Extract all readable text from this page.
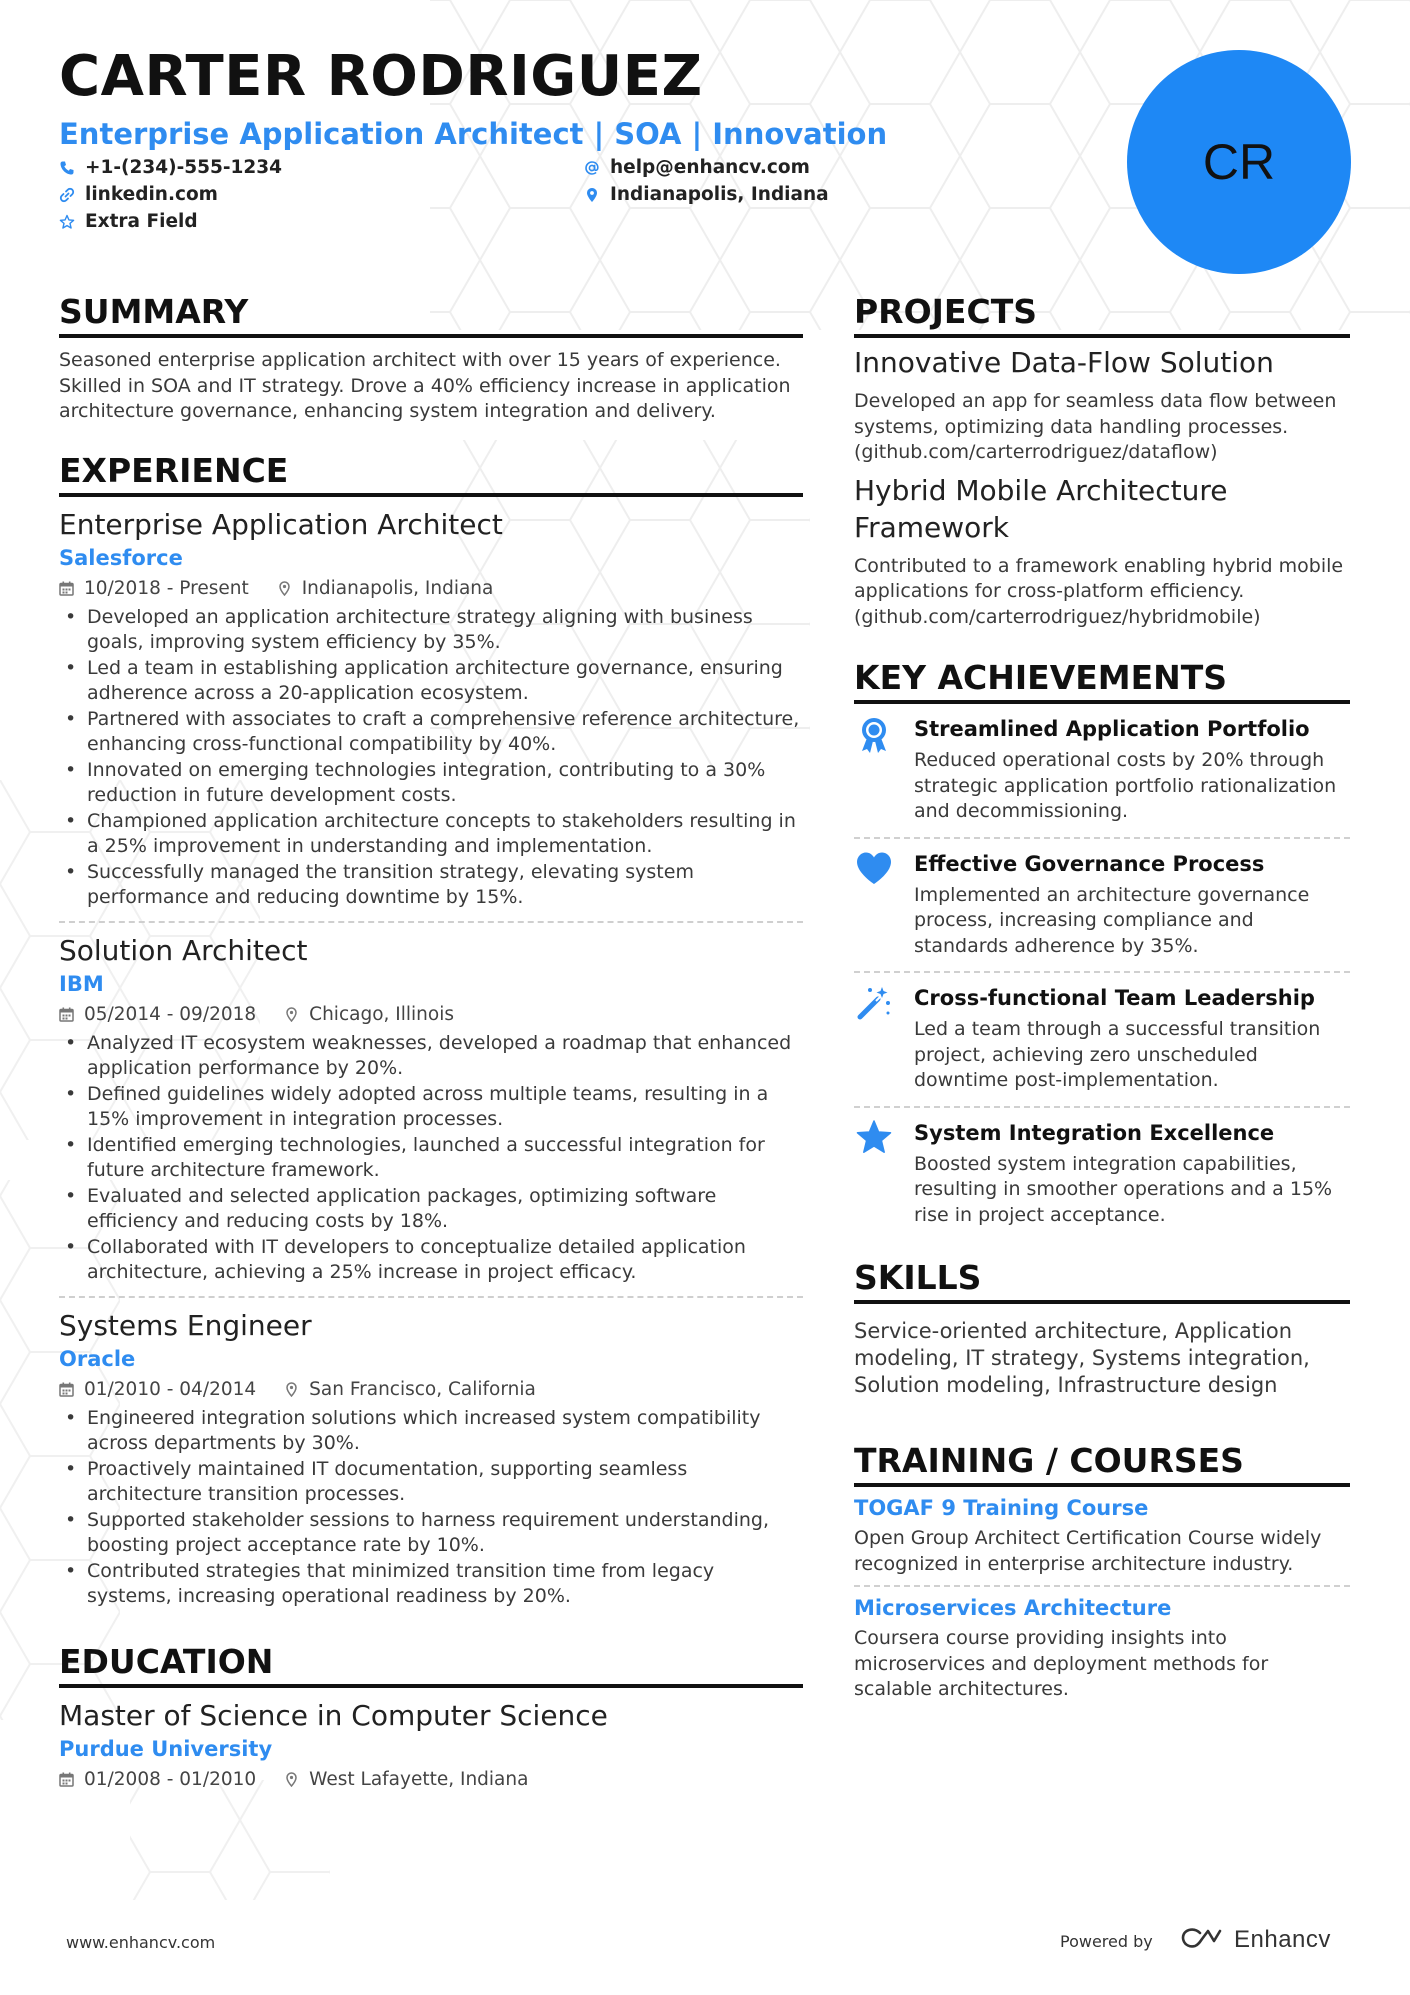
CARTER RODRIGUEZ
Enterprise Application Architect | SOA | Innovation
+1-(234)-555-1234
linkedin.com
Extra Field
help@enhancv.com
Indianapolis, Indiana
CR
SUMMARY

Seasoned enterprise application architect with over 15 years of experience. Skilled in SOA and IT strategy. Drove a 40% efficiency increase in application architecture governance, enhancing system integration and delivery.

EXPERIENCE
Enterprise Application Architect
Salesforce
10/2018 - Present	Indianapolis, Indiana
• Developed an application architecture strategy aligning with business goals, improving system efficiency by 35%.
• Led a team in establishing application architecture governance, ensuring adherence across a 20-application ecosystem.
• Partnered with associates to craft a comprehensive reference architecture, enhancing cross-functional compatibility by 40%.
• Innovated on emerging technologies integration, contributing to a 30% reduction in future development costs.
• Championed application architecture concepts to stakeholders resulting in a 25% improvement in understanding and implementation.
• Successfully managed the transition strategy, elevating system performance and reducing downtime by 15%.
Solution Architect
IBM
05/2014 - 09/2018	Chicago, Illinois
• Analyzed IT ecosystem weaknesses, developed a roadmap that enhanced application performance by 20%.
• Defined guidelines widely adopted across multiple teams, resulting in a 15% improvement in integration processes.
• Identified emerging technologies, launched a successful integration for future architecture framework.
• Evaluated and selected application packages, optimizing software efficiency and reducing costs by 18%.
• Collaborated with IT developers to conceptualize detailed application architecture, achieving a 25% increase in project efficacy.
Systems Engineer
Oracle
01/2010 - 04/2014	San Francisco, California
• Engineered integration solutions which increased system compatibility across departments by 30%.
• Proactively maintained IT documentation, supporting seamless architecture transition processes.
• Supported stakeholder sessions to harness requirement understanding, boosting project acceptance rate by 10%.
• Contributed strategies that minimized transition time from legacy systems, increasing operational readiness by 20%.
EDUCATION
Master of Science in Computer Science
Purdue University
01/2008 - 01/2010	West Lafayette, Indiana
PROJECTS
Innovative Data-Flow Solution

Developed an app for seamless data flow between systems, optimizing data handling processes. (github.com/carterrodriguez/dataflow)

Hybrid Mobile Architecture Framework

Contributed to a framework enabling hybrid mobile applications for cross-platform efficiency. (github.com/carterrodriguez/hybridmobile)

KEY ACHIEVEMENTS
Streamlined Application Portfolio

Reduced operational costs by 20% through strategic application portfolio rationalization and decommissioning.

Effective Governance Process

Implemented an architecture governance process, increasing compliance and standards adherence by 35%.

Cross-functional Team Leadership

Led a team through a successful transition project, achieving zero unscheduled downtime post-implementation.

System Integration Excellence

Boosted system integration capabilities, resulting in smoother operations and a 15% rise in project acceptance.

SKILLS

Service-oriented architecture, Application modeling, IT strategy, Systems integration, Solution modeling, Infrastructure design

TRAINING / COURSES
TOGAF 9 Training Course

Open Group Architect Certification Course widely recognized in enterprise architecture industry.

Microservices Architecture

Coursera course providing insights into microservices and deployment methods for scalable architectures.

www.enhancv.com	Powered by	Enhancv
